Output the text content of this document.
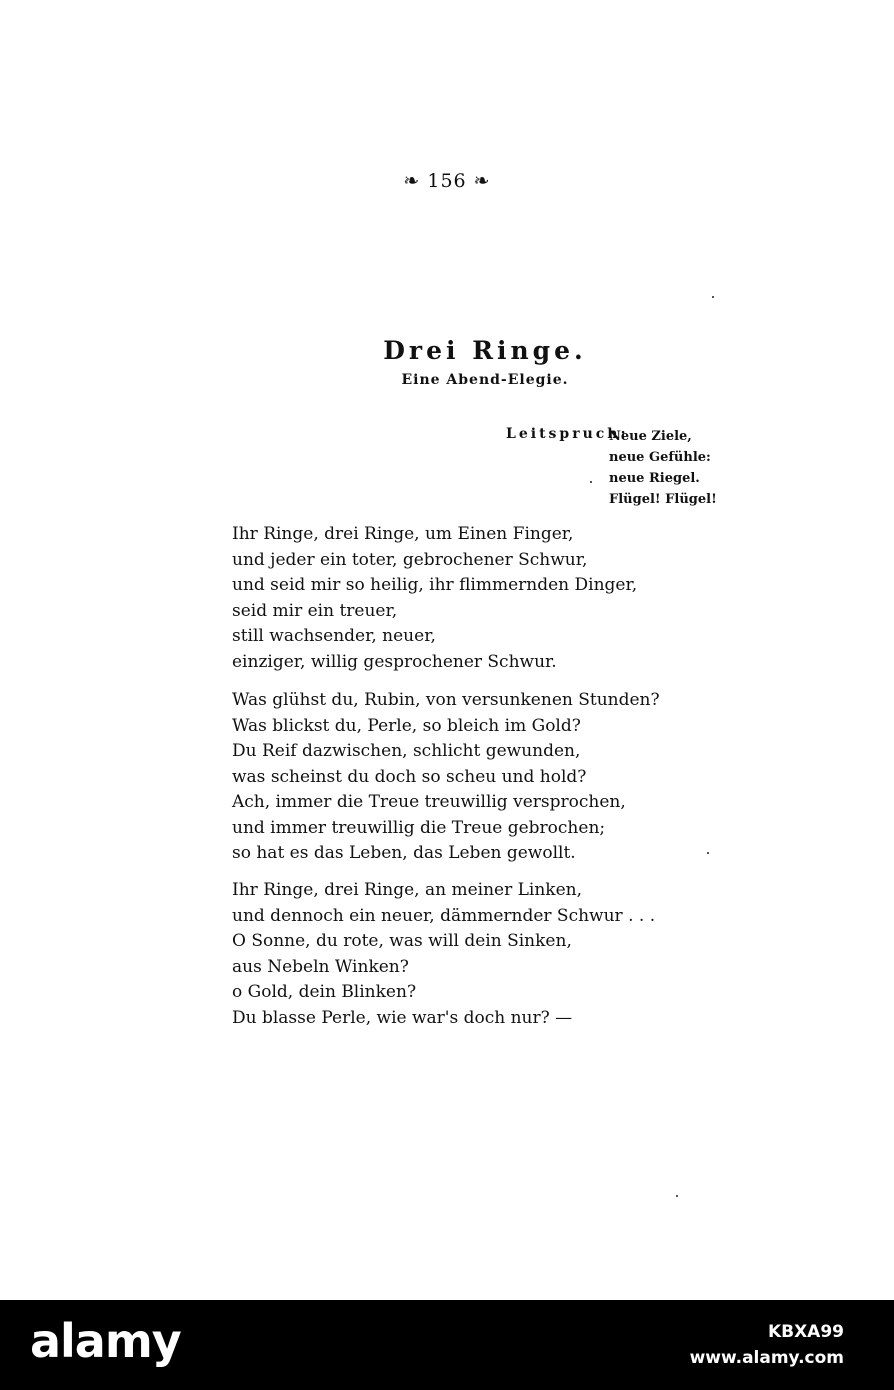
❧ 156 ❧
Drei Ringe.
Eine Abend-Elegie.
Leitspruch:
Neue Ziele,
neue Gefühle:
neue Riegel.
Flügel! Flügel!
Ihr Ringe, drei Ringe, um Einen Finger,
und jeder ein toter, gebrochener Schwur,
und seid mir so heilig, ihr flimmernden Dinger,
seid mir ein treuer,
still wachsender, neuer,
einziger, willig gesprochener Schwur.
Was glühst du, Rubin, von versunkenen Stunden?
Was blickst du, Perle, so bleich im Gold?
Du Reif dazwischen, schlicht gewunden,
was scheinst du doch so scheu und hold?
Ach, immer die Treue treuwillig versprochen,
und immer treuwillig die Treue gebrochen;
so hat es das Leben, das Leben gewollt.
Ihr Ringe, drei Ringe, an meiner Linken,
und dennoch ein neuer, dämmernder Schwur . . .
O Sonne, du rote, was will dein Sinken,
aus Nebeln Winken?
o Gold, dein Blinken?
Du blasse Perle, wie war's doch nur? —
alamy	KBXA99
www.alamy.com
